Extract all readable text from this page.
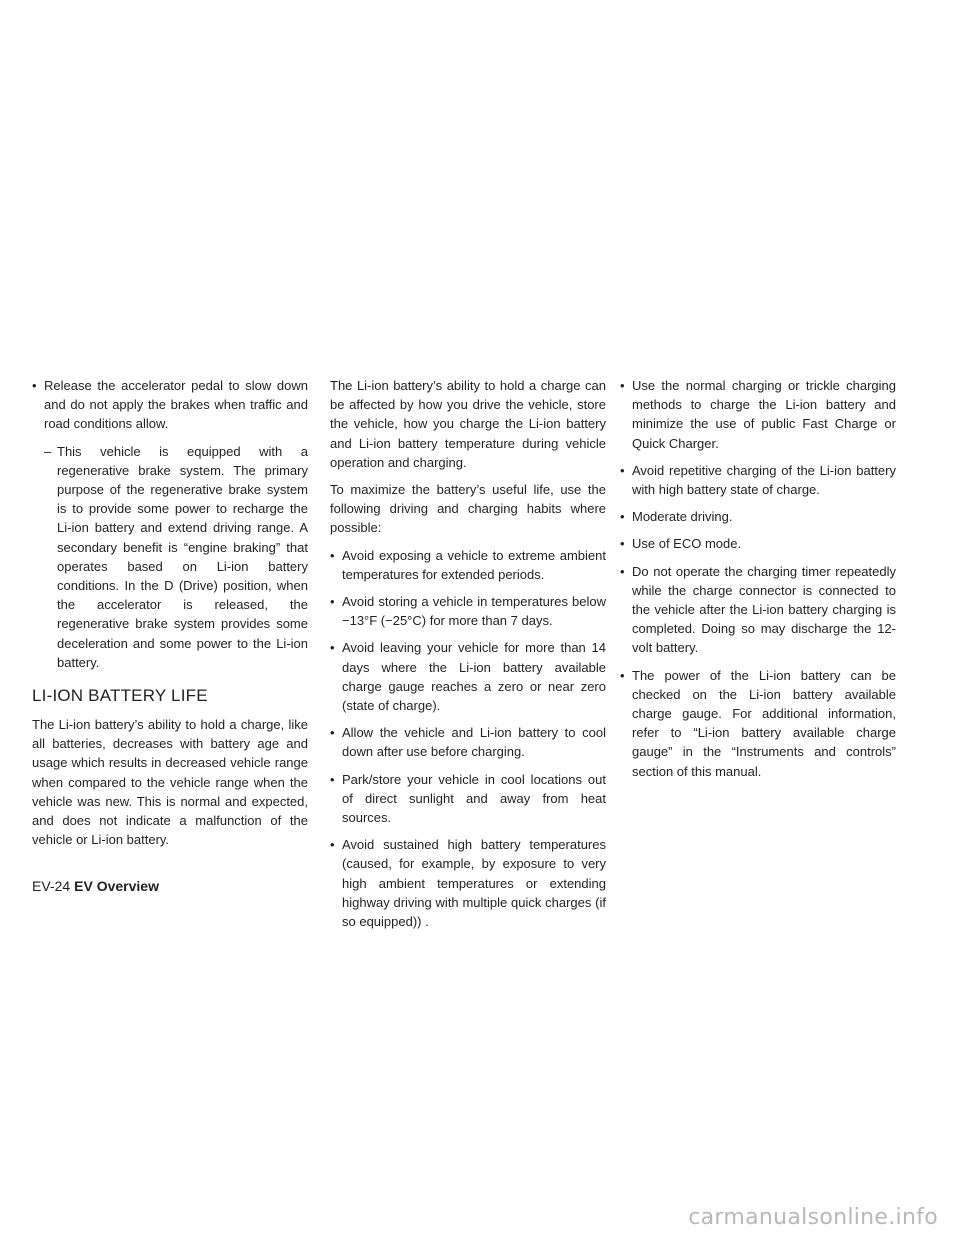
• Release the accelerator pedal to slow down and do not apply the brakes when traffic and road conditions allow.
– This vehicle is equipped with a regenerative brake system. The primary purpose of the regenerative brake system is to provide some power to recharge the Li-ion battery and extend driving range. A secondary benefit is “engine braking” that operates based on Li-ion battery conditions. In the D (Drive) position, when the accelerator is released, the regenerative brake system provides some deceleration and some power to the Li-ion battery.
LI-ION BATTERY LIFE
The Li-ion battery’s ability to hold a charge, like all batteries, decreases with battery age and usage which results in decreased vehicle range when compared to the vehicle range when the vehicle was new. This is normal and expected, and does not indicate a malfunction of the vehicle or Li-ion battery.
The Li-ion battery’s ability to hold a charge can be affected by how you drive the vehicle, store the vehicle, how you charge the Li-ion battery and Li-ion battery temperature during vehicle operation and charging.
To maximize the battery’s useful life, use the following driving and charging habits where possible:
• Avoid exposing a vehicle to extreme ambient temperatures for extended periods.
• Avoid storing a vehicle in temperatures below −13°F (−25°C) for more than 7 days.
• Avoid leaving your vehicle for more than 14 days where the Li-ion battery available charge gauge reaches a zero or near zero (state of charge).
• Allow the vehicle and Li-ion battery to cool down after use before charging.
• Park/store your vehicle in cool locations out of direct sunlight and away from heat sources.
• Avoid sustained high battery temperatures (caused, for example, by exposure to very high ambient temperatures or extending highway driving with multiple quick charges (if so equipped)) .
• Use the normal charging or trickle charging methods to charge the Li-ion battery and minimize the use of public Fast Charge or Quick Charger.
• Avoid repetitive charging of the Li-ion battery with high battery state of charge.
• Moderate driving.
• Use of ECO mode.
• Do not operate the charging timer repeatedly while the charge connector is connected to the vehicle after the Li-ion battery charging is completed. Doing so may discharge the 12-volt battery.
• The power of the Li-ion battery can be checked on the Li-ion battery available charge gauge. For additional information, refer to “Li-ion battery available charge gauge” in the “Instruments and controls” section of this manual.
EV-24 EV Overview
carmanualsonline.info
